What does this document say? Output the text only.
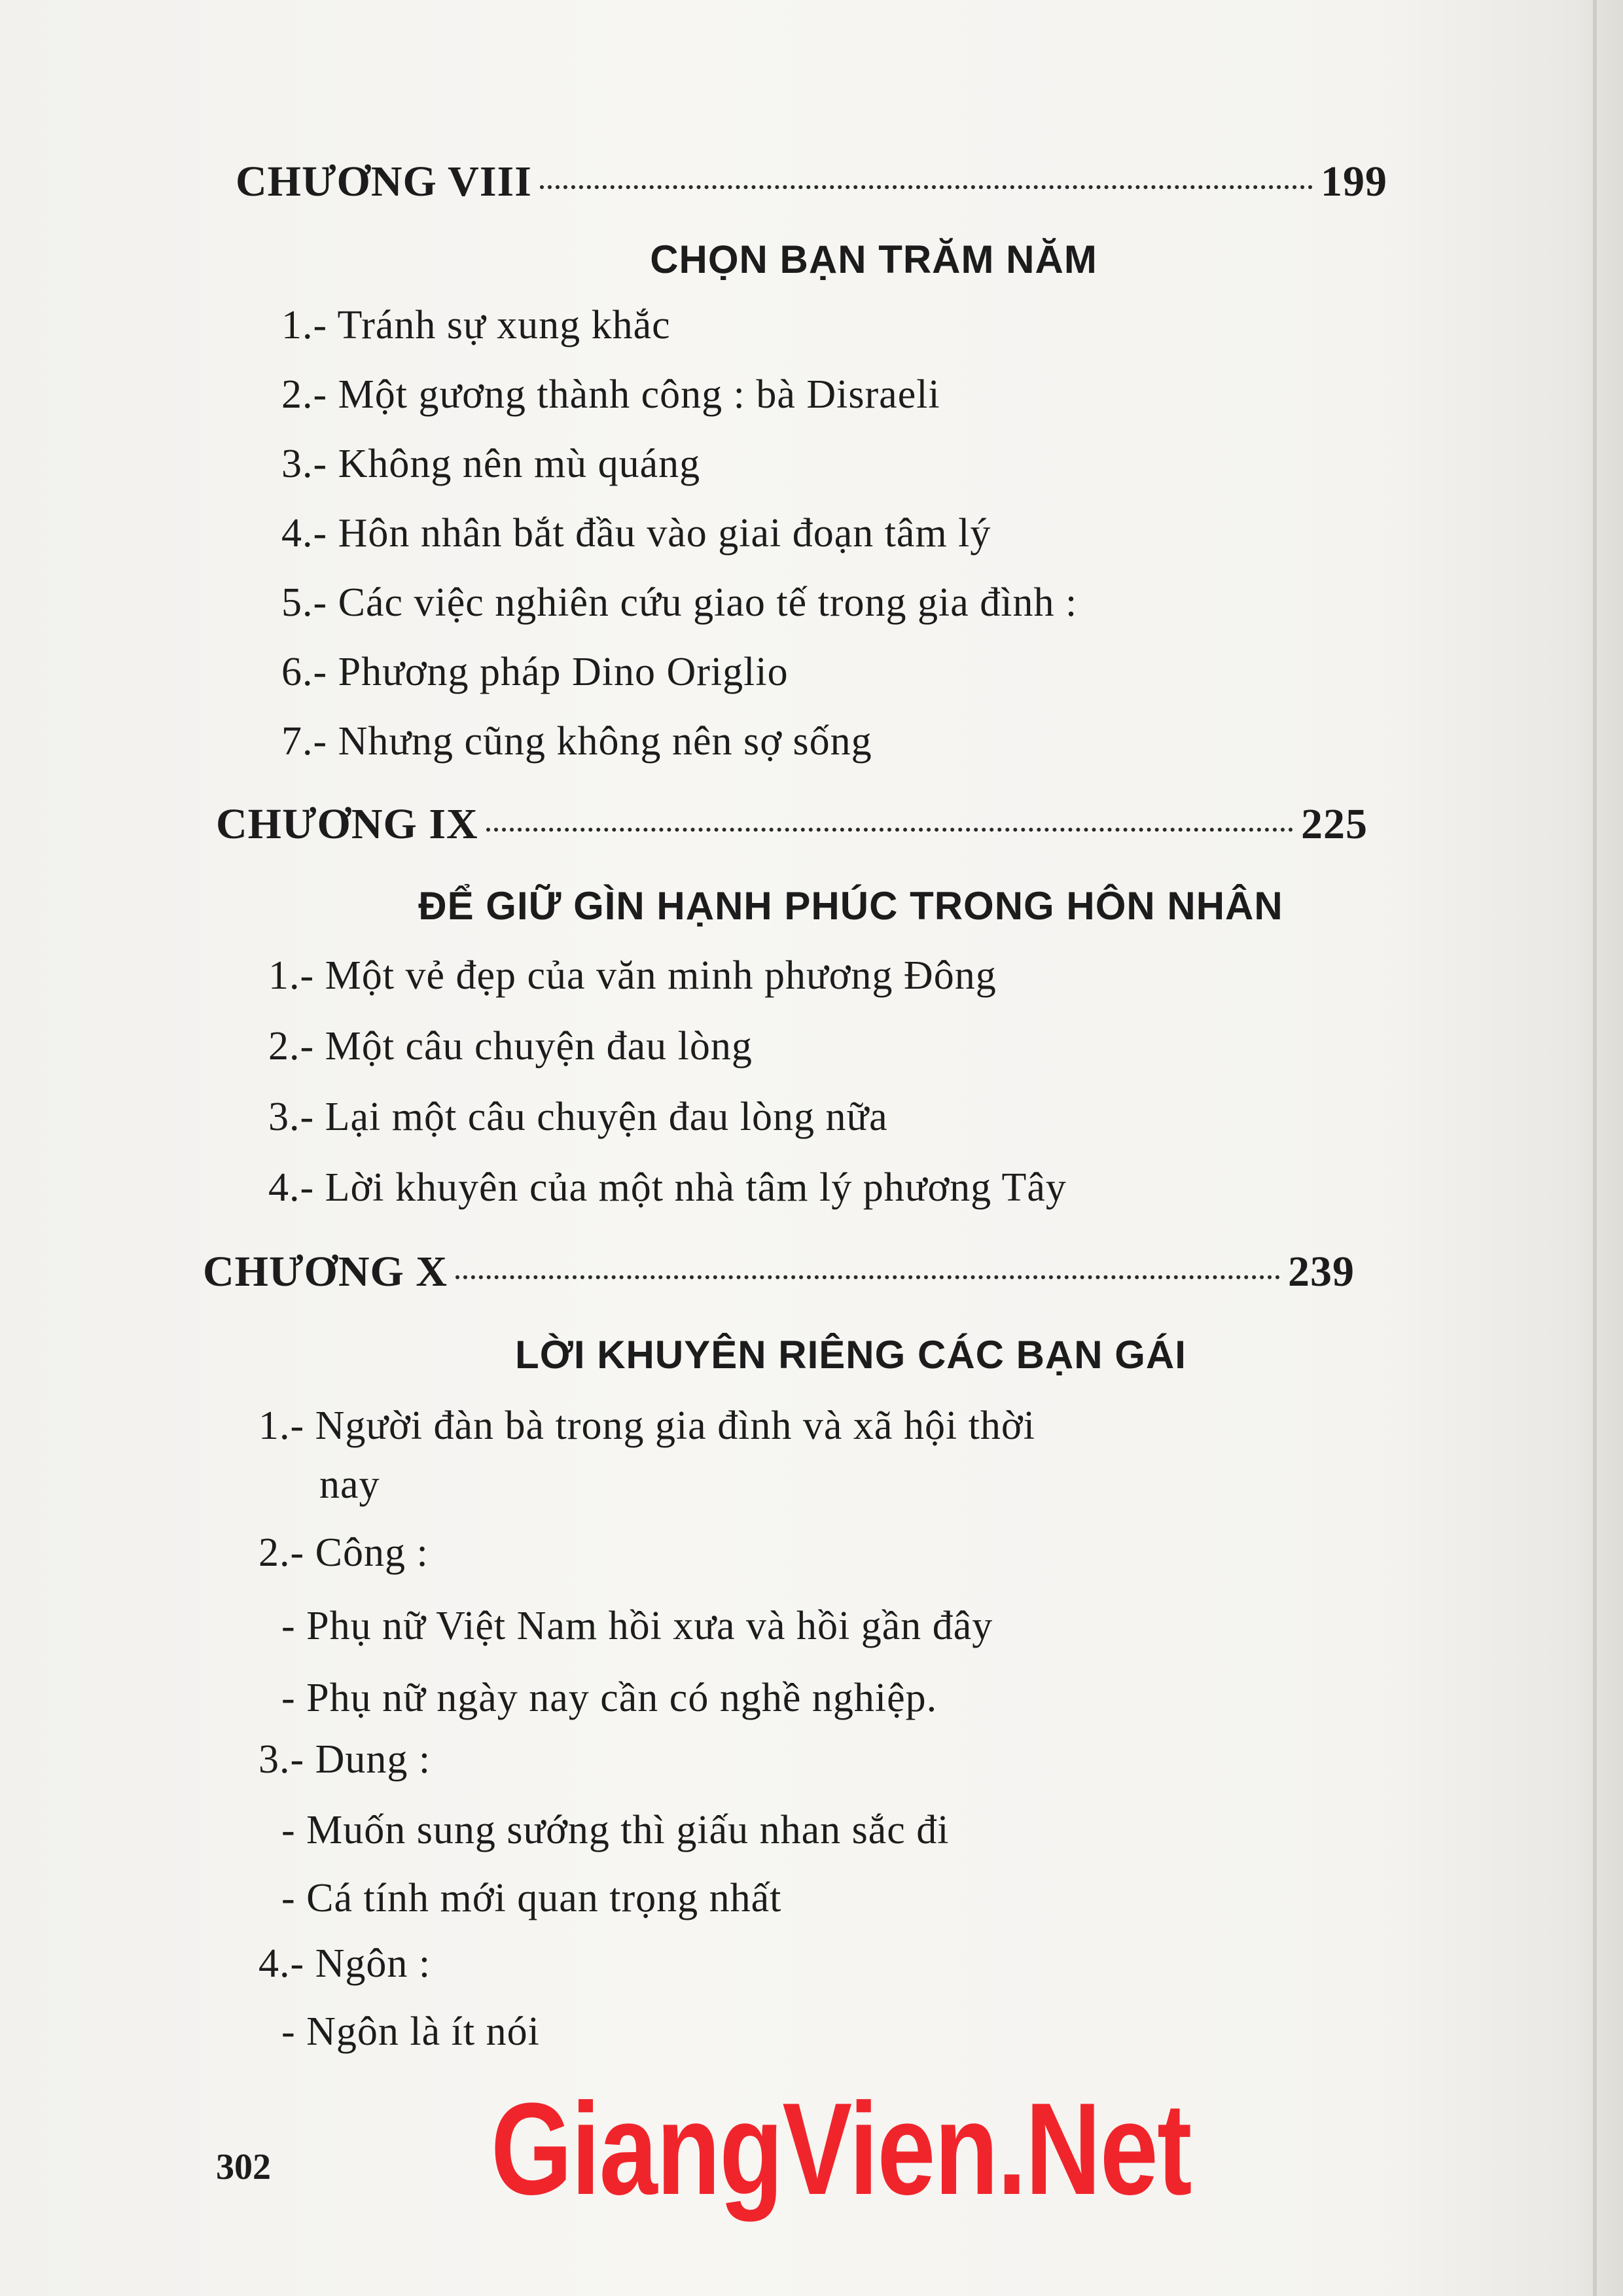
CHƯƠNG VIII	199
CHỌN BẠN TRĂM NĂM
1.- Tránh sự xung khắc
2.- Một gương thành công : bà Disraeli
3.- Không nên mù quáng
4.- Hôn nhân bắt đầu vào giai đoạn tâm lý
5.- Các việc nghiên cứu giao tế trong gia đình :
6.- Phương pháp Dino Origlio
7.- Nhưng cũng không nên sợ sống
CHƯƠNG IX	225
ĐỂ GIỮ GÌN HẠNH PHÚC TRONG HÔN NHÂN
1.- Một vẻ đẹp của văn minh phương Đông
2.- Một câu chuyện đau lòng
3.- Lại một câu chuyện đau lòng nữa
4.- Lời khuyên của một nhà tâm lý phương Tây
CHƯƠNG X	239
LỜI KHUYÊN RIÊNG CÁC BẠN GÁI
1.- Người đàn bà trong gia đình và xã hội thời
nay
2.- Công :
- Phụ nữ Việt Nam hồi xưa và hồi gần đây
- Phụ nữ ngày nay cần có nghề nghiệp.
3.- Dung :
- Muốn sung sướng thì giấu nhan sắc đi
- Cá tính mới quan trọng nhất
4.- Ngôn :
- Ngôn là ít nói
302 GiangVien.Net
